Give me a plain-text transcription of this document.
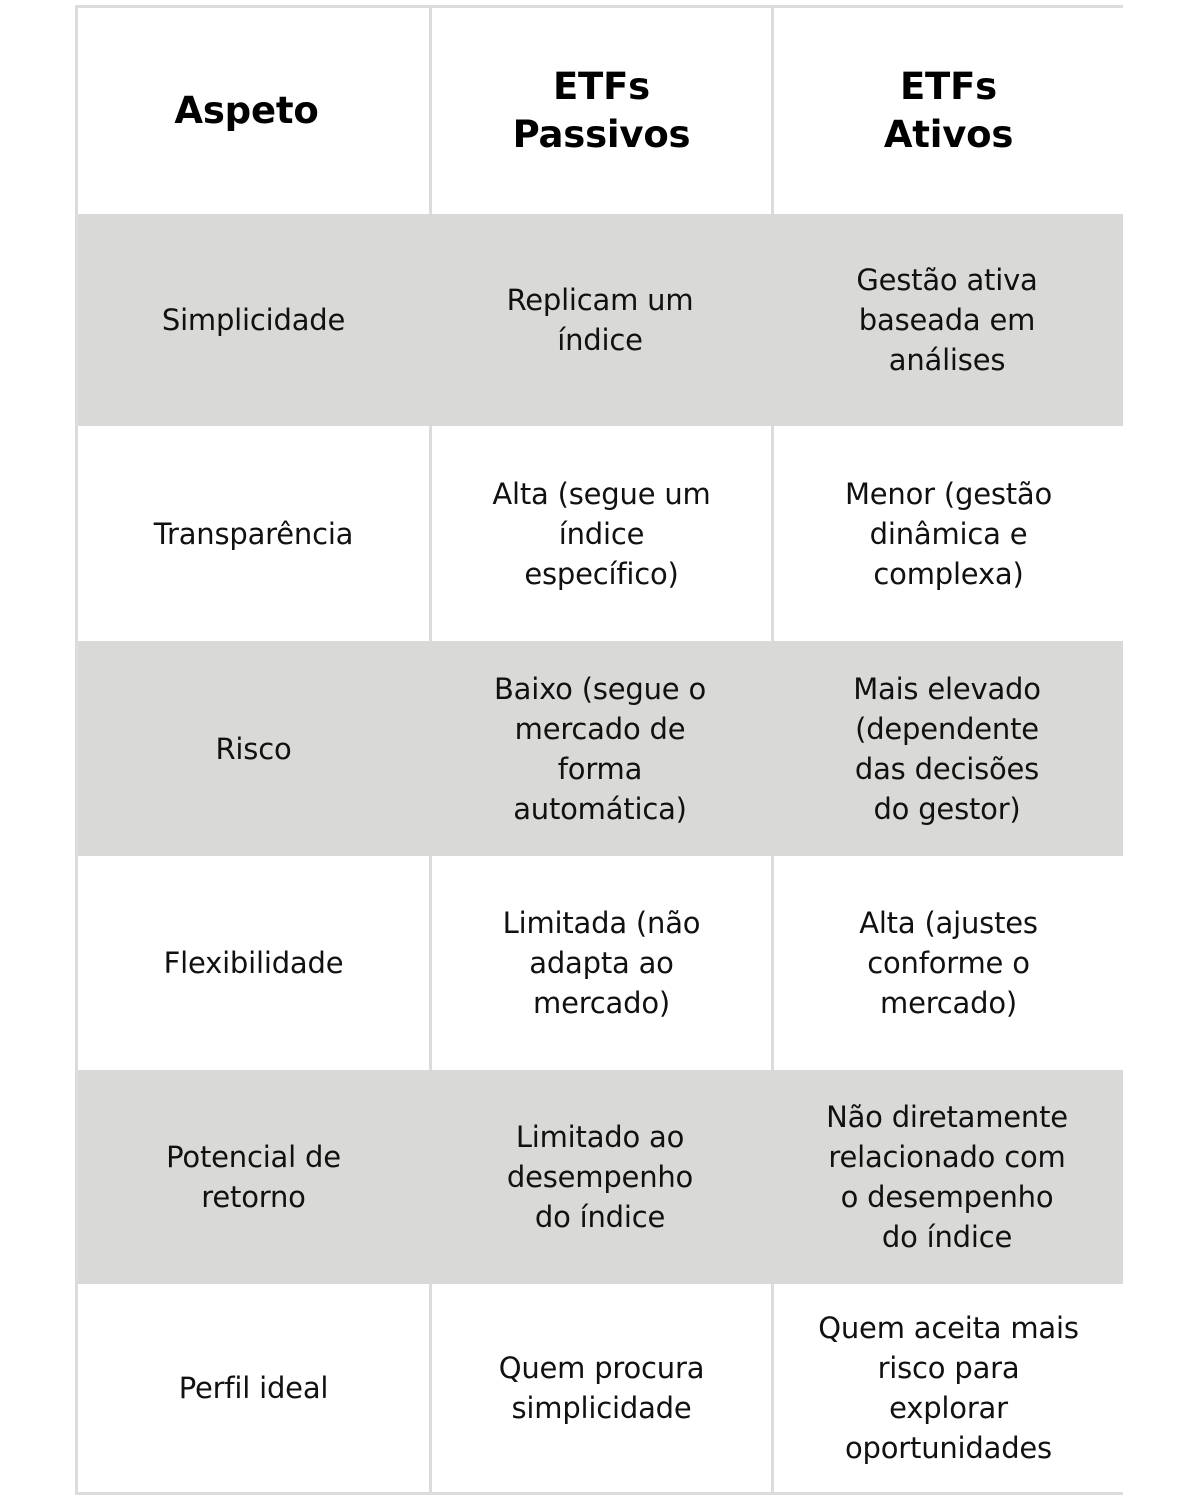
Aspeto
ETFs
Passivos
ETFs
Ativos
Simplicidade
Replicam um
índice
Gestão ativa
baseada em
análises
Transparência
Alta (segue um
índice
específico)
Menor (gestão
dinâmica e
complexa)
Risco
Baixo (segue o
mercado de
forma
automática)
Mais elevado
(dependente
das decisões
do gestor)
Flexibilidade
Limitada (não
adapta ao
mercado)
Alta (ajustes
conforme o
mercado)
Potencial de
retorno
Limitado ao
desempenho
do índice
Não diretamente
relacionado com
o desempenho
do índice
Perfil ideal
Quem procura
simplicidade
Quem aceita mais
risco para
explorar
oportunidades
